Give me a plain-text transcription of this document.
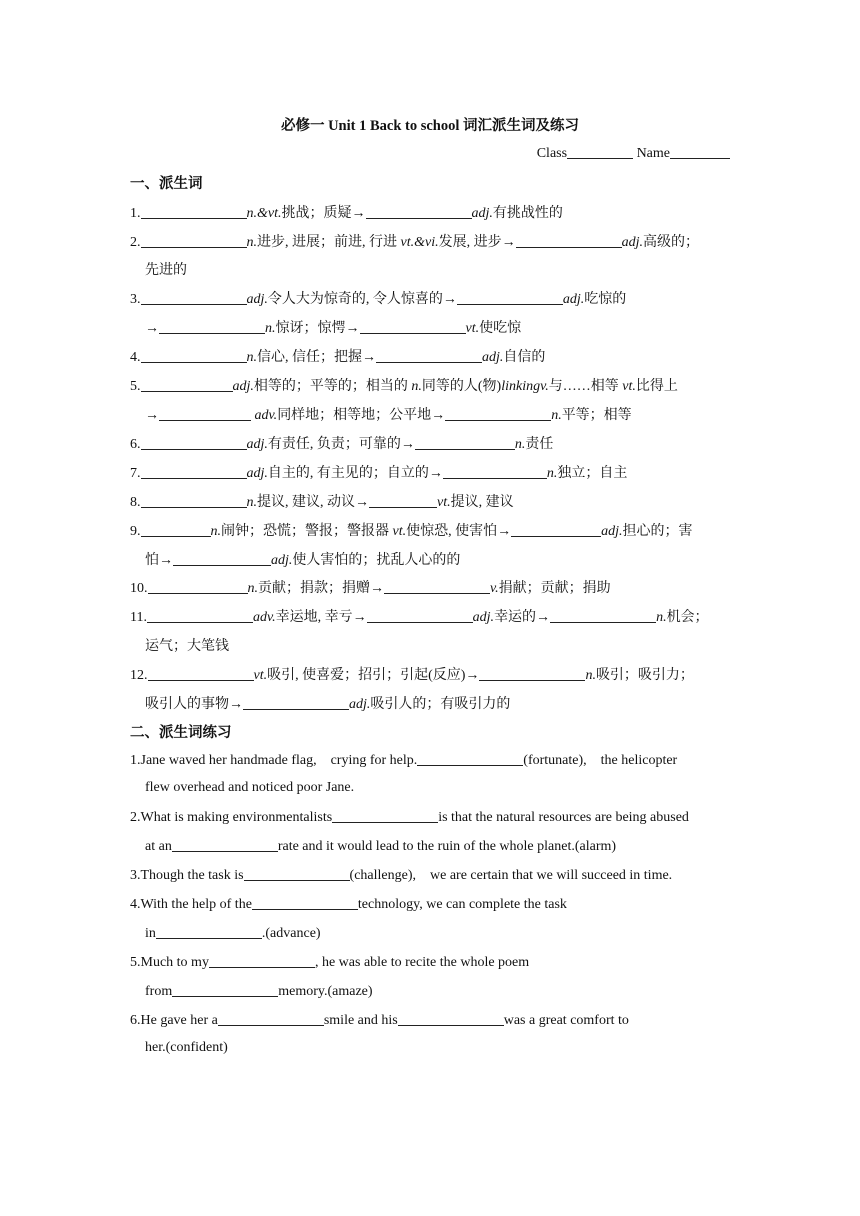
必修一 Unit 1 Back to school 词汇派生词及练习
Class	Name
一、派生词
1.	n.&vt.挑战；质疑→	adj.有挑战性的
2.	n.进步, 进展；前进, 行进 vt.&vi.发展, 进步→	adj.高级的；
先进的
3.	adj.令人大为惊奇的, 令人惊喜的→	adj.吃惊的
→	n.惊讶；惊愕→	vt.使吃惊
4.	n.信心, 信任；把握→	adj.自信的
5.	adj.相等的；平等的；相当的 n.同等的人(物)linkingv.与……相等 vt.比得上
→	adv.同样地；相等地；公平地→	n.平等；相等
6.	adj.有责任, 负责；可靠的→	n.责任
7.	adj.自主的, 有主见的；自立的→	n.独立；自主
8.	n.提议, 建议, 动议→	vt.提议, 建议
9.	n.闹钟；恐慌；警报；警报器 vt.使惊恐, 使害怕→	adj.担心的；害
怕→	adj.使人害怕的；扰乱人心的的
10.	n.贡献；捐款；捐赠→	v.捐献；贡献；捐助
11.	adv.幸运地, 幸亏→	adj.幸运的→	n.机会；
运气；大笔钱
12.	vt.吸引, 使喜爱；招引；引起(反应)→	n.吸引；吸引力；
吸引人的事物→	adj.吸引人的；有吸引力的
二、派生词练习
1.Jane waved her handmade flag,    crying for help.	(fortunate),    the helicopter
flew overhead and noticed poor Jane.
2.What is making environmentalists	is that the natural resources are being abused
at an	rate and it would lead to the ruin of the whole planet.(alarm)
3.Though the task is	(challenge),    we are certain that we will succeed in time.
4.With the help of the	technology, we can complete the task
in	.(advance)
5.Much to my	, he was able to recite the whole poem
from	memory.(amaze)
6.He gave her a	smile and his	was a great comfort to
her.(confident)
